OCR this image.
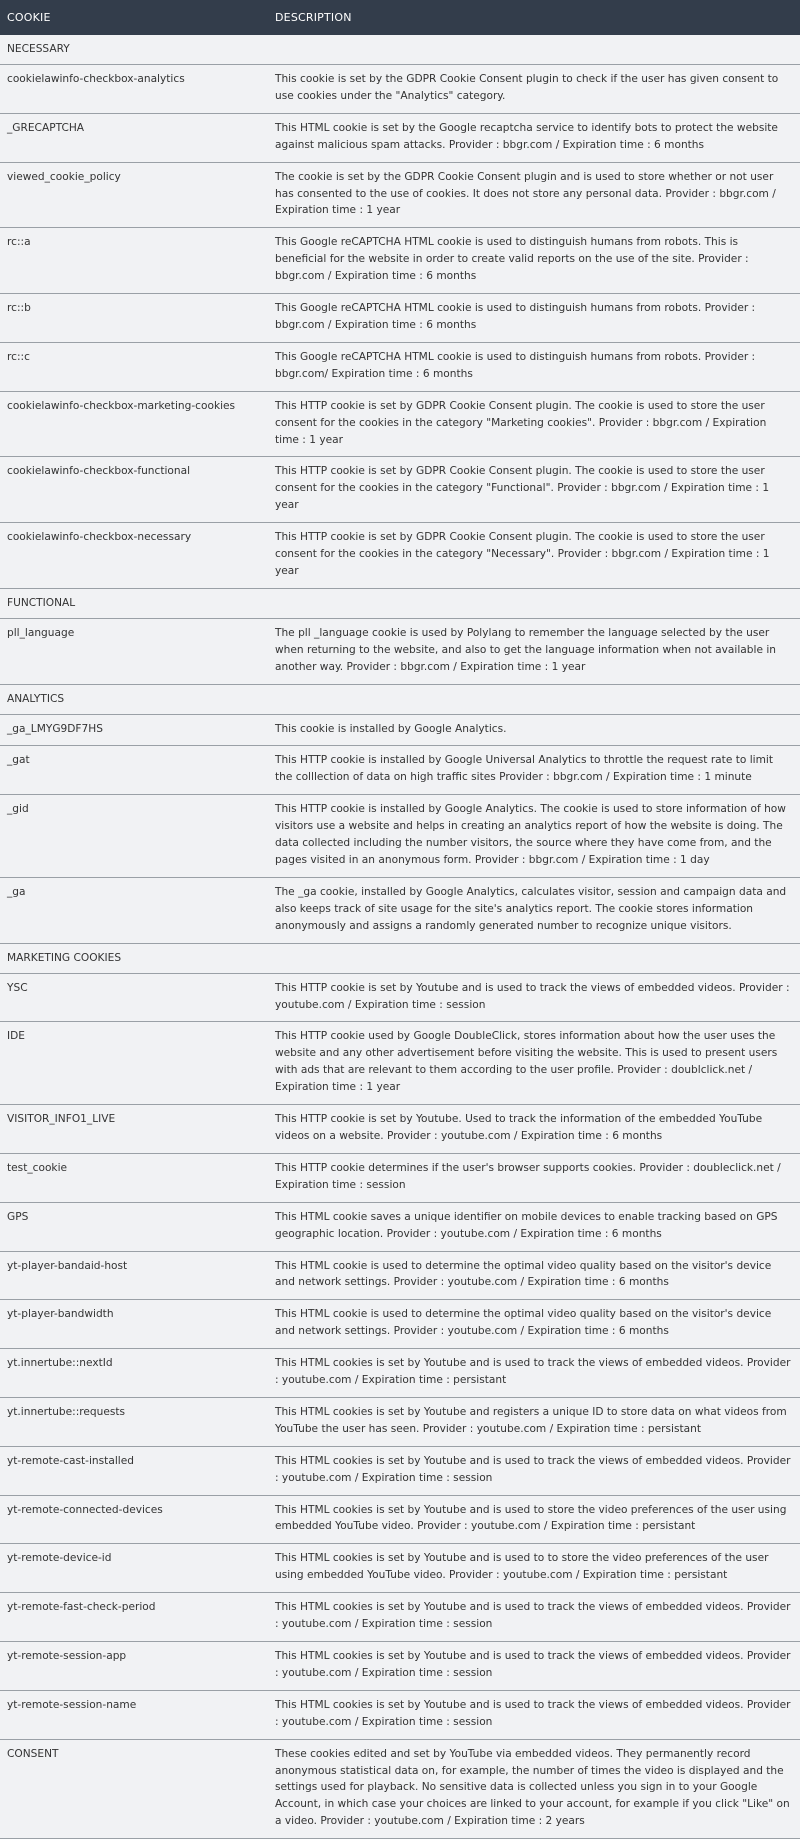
COOKIE	DESCRIPTION
NECESSARY	
cookielawinfo-checkbox-analytics	This cookie is set by the GDPR Cookie Consent plugin to check if the user has given consent to use cookies under the "Analytics" category.
_GRECAPTCHA	This HTML cookie is set by the Google recaptcha service to identify bots to protect the website against malicious spam attacks. Provider : bbgr.com / Expiration time : 6 months
viewed_cookie_policy	The cookie is set by the GDPR Cookie Consent plugin and is used to store whether or not user has consented to the use of cookies. It does not store any personal data. Provider : bbgr.com / Expiration time : 1 year
rc::a	This Google reCAPTCHA HTML cookie is used to distinguish humans from robots. This is beneficial for the website in order to create valid reports on the use of the site. Provider : bbgr.com / Expiration time : 6 months
rc::b	This Google reCAPTCHA HTML cookie is used to distinguish humans from robots. Provider : bbgr.com / Expiration time : 6 months
rc::c	This Google reCAPTCHA HTML cookie is used to distinguish humans from robots. Provider : bbgr.com/ Expiration time : 6 months
cookielawinfo-checkbox-marketing-cookies	This HTTP cookie is set by GDPR Cookie Consent plugin. The cookie is used to store the user consent for the cookies in the category "Marketing cookies". Provider : bbgr.com / Expiration time : 1 year
cookielawinfo-checkbox-functional	This HTTP cookie is set by GDPR Cookie Consent plugin. The cookie is used to store the user consent for the cookies in the category "Functional". Provider : bbgr.com / Expiration time : 1 year
cookielawinfo-checkbox-necessary	This HTTP cookie is set by GDPR Cookie Consent plugin. The cookie is used to store the user consent for the cookies in the category "Necessary". Provider : bbgr.com / Expiration time : 1 year
FUNCTIONAL	
pll_language	The pll _language cookie is used by Polylang to remember the language selected by the user when returning to the website, and also to get the language information when not available in another way. Provider : bbgr.com / Expiration time : 1 year
ANALYTICS	
_ga_LMYG9DF7HS	This cookie is installed by Google Analytics.
_gat	This HTTP cookie is installed by Google Universal Analytics to throttle the request rate to limit the colllection of data on high traffic sites Provider : bbgr.com / Expiration time : 1 minute
_gid	This HTTP cookie is installed by Google Analytics. The cookie is used to store information of how visitors use a website and helps in creating an analytics report of how the website is doing. The data collected including the number visitors, the source where they have come from, and the pages visited in an anonymous form. Provider : bbgr.com / Expiration time : 1 day
_ga	The _ga cookie, installed by Google Analytics, calculates visitor, session and campaign data and also keeps track of site usage for the site's analytics report. The cookie stores information anonymously and assigns a randomly generated number to recognize unique visitors.
MARKETING COOKIES	
YSC	This HTTP cookie is set by Youtube and is used to track the views of embedded videos. Provider : youtube.com / Expiration time : session
IDE	This HTTP cookie used by Google DoubleClick, stores information about how the user uses the website and any other advertisement before visiting the website. This is used to present users with ads that are relevant to them according to the user profile. Provider : doublclick.net / Expiration time : 1 year
VISITOR_INFO1_LIVE	This HTTP cookie is set by Youtube. Used to track the information of the embedded YouTube videos on a website. Provider : youtube.com / Expiration time : 6 months
test_cookie	This HTTP cookie determines if the user's browser supports cookies. Provider : doubleclick.net / Expiration time : session
GPS	This HTML cookie saves a unique identifier on mobile devices to enable tracking based on GPS geographic location. Provider : youtube.com / Expiration time : 6 months
yt-player-bandaid-host	This HTML cookie is used to determine the optimal video quality based on the visitor's device and network settings. Provider : youtube.com / Expiration time : 6 months
yt-player-bandwidth	This HTML cookie is used to determine the optimal video quality based on the visitor's device and network settings. Provider : youtube.com / Expiration time : 6 months
yt.innertube::nextId	This HTML cookies is set by Youtube and is used to track the views of embedded videos. Provider : youtube.com / Expiration time : persistant
yt.innertube::requests	This HTML cookies is set by Youtube and registers a unique ID to store data on what videos from YouTube the user has seen. Provider : youtube.com / Expiration time : persistant
yt-remote-cast-installed	This HTML cookies is set by Youtube and is used to track the views of embedded videos. Provider : youtube.com / Expiration time : session
yt-remote-connected-devices	This HTML cookies is set by Youtube and is used to store the video preferences of the user using embedded YouTube video. Provider : youtube.com / Expiration time : persistant
yt-remote-device-id	This HTML cookies is set by Youtube and is used to to store the video preferences of the user using embedded YouTube video. Provider : youtube.com / Expiration time : persistant
yt-remote-fast-check-period	This HTML cookies is set by Youtube and is used to track the views of embedded videos. Provider : youtube.com / Expiration time : session
yt-remote-session-app	This HTML cookies is set by Youtube and is used to track the views of embedded videos. Provider : youtube.com / Expiration time : session
yt-remote-session-name	This HTML cookies is set by Youtube and is used to track the views of embedded videos. Provider : youtube.com / Expiration time : session
CONSENT	These cookies edited and set by YouTube via embedded videos. They permanently record anonymous statistical data on, for example, the number of times the video is displayed and the settings used for playback. No sensitive data is collected unless you sign in to your Google Account, in which case your choices are linked to your account, for example if you click "Like" on a video. Provider : youtube.com / Expiration time : 2 years
